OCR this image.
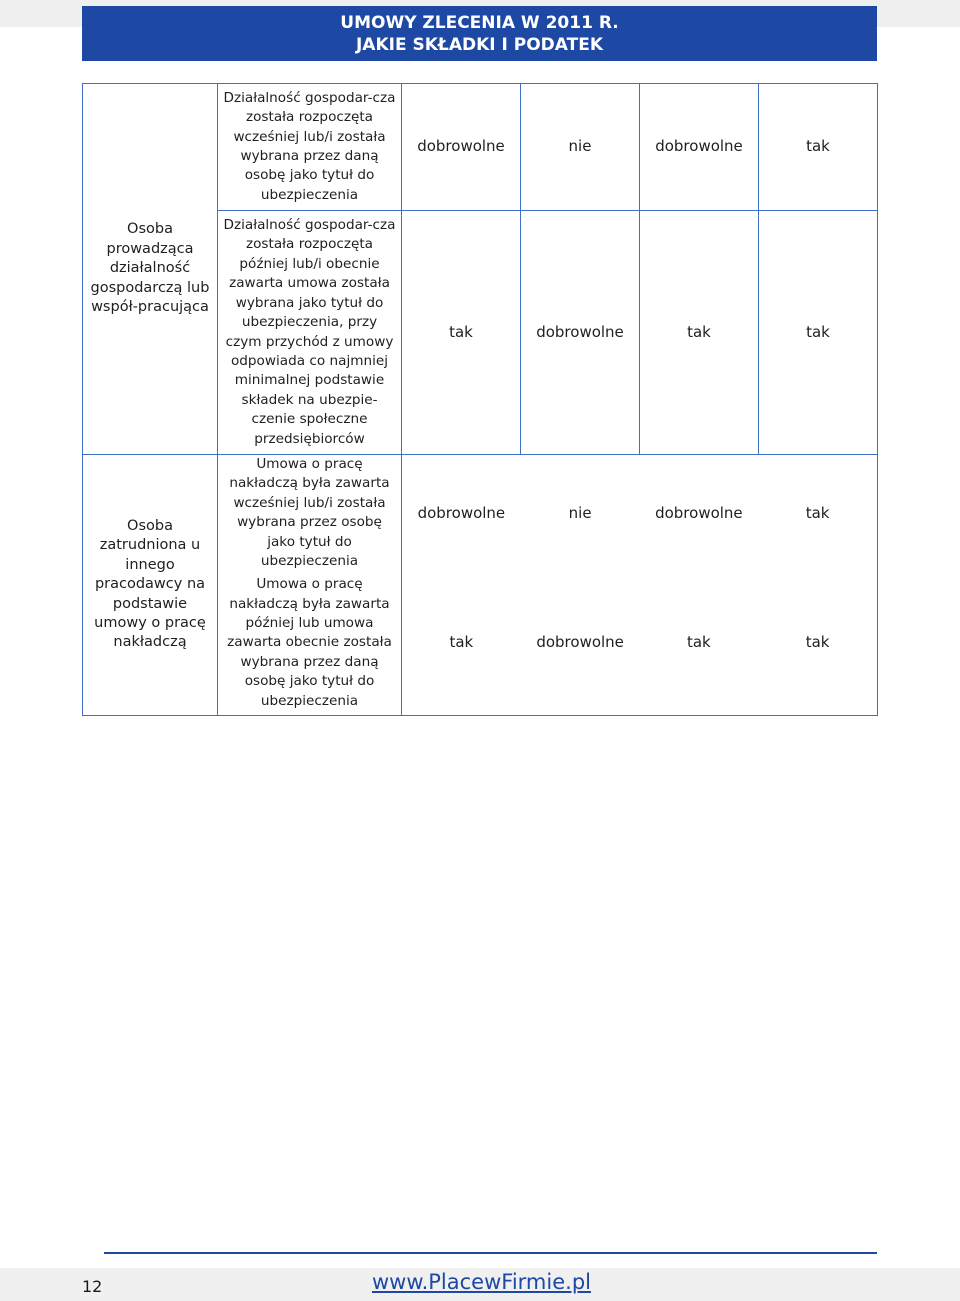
UMOWY ZLECENIA W 2011 R.
JAKIE SKŁADKI I PODATEK
Osoba prowadząca działalność gospodarczą lub współ-pracująca	Działalność gospodar-cza została rozpoczęta wcześniej lub/i została wybrana przez daną osobę jako tytuł do ubezpieczenia	dobrowolne	nie	dobrowolne	tak
	Działalność gospodar-cza została rozpoczęta później lub/i obecnie zawarta umowa została wybrana jako tytuł do ubezpieczenia, przy czym przychód z umowy odpowiada co najmniej minimalnej podstawie składek na ubezpie-czenie społeczne przedsiębiorców	tak	dobrowolne	tak	tak
Osoba zatrudniona u innego pracodawcy na podstawie umowy o pracę nakładczą	Umowa o pracę nakładczą była zawarta wcześniej lub/i została wybrana przez osobę jako tytuł do ubezpieczenia	dobrowolne nie dobrowolne tak			

	Umowa o pracę nakładczą była zawarta później lub umowa zawarta obecnie została wybrana przez daną osobę jako tytuł do ubezpieczenia	tak dobrowolne tak tak			
12	www.PlacewFirmie.pl
